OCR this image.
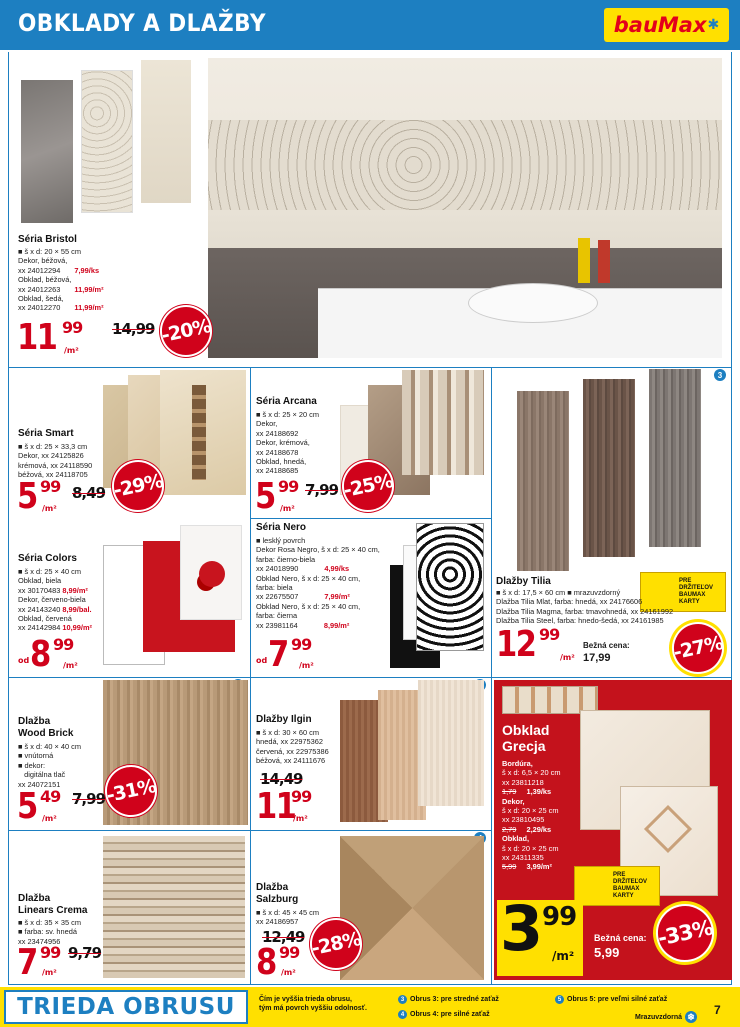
OBKLADY A DLAŽBY	bauMax ✱
Séria Bristol
■ š x d: 20 × 55 cm
Dekor, béžová,
xx 24012294 7,99/ks
Obklad, béžová,
xx 24012263 11,99/m²
Obklad, šedá,
xx 24012270 11,99/m²
11 99
/m²
14,99 -20%
Séria Smart
■ š x d: 25 × 33,3 cm
Dekor, xx 24125826
krémová, xx 24118590
béžová, xx 24118705
5 99
/m²
8,49 -29%
Séria Arcana
■ š x d: 25 × 20 cm
Dekor,
xx 24188692
Dekor, krémová,
xx 24188678
Obklad, hnedá,
xx 24188685
5 99
/m²
7,99 -25%
3
PRE DRŽITEĽOV BAUMAX KARTY
Dlažby Tilia
■ š x d: 17,5 × 60 cm ■ mrazuvzdorný
Dlažba Tilia Mlat, farba: hnedá, xx 24176606
Dlažba Tilia Magma, farba: tmavohnedá, xx 24161992
Dlažba Tilia Steel, farba: hnedo-šedá, xx 24161985
12 99
/m²
Bežná cena:
17,99	-27%
Séria Colors
■ š x d: 25 × 40 cm
Obklad, biela
xx 30170483 8,99/m²
Dekor, červeno-biela
xx 24143240 8,99/bal.
Obklad, červená
xx 24142984 10,99/m²
od 8 99
/m²
Séria Nero
■ lesklý povrch
Dekor Rosa Negro, š x d: 25 × 40 cm,
farba: čierno-biela
xx 24018990	4,99/ks
Obklad Nero, š x d: 25 × 40 cm,
farba: biela
xx 22675507	7,99/m²
Obklad Nero, š x d: 25 × 40 cm,
farba: čierna
xx 23981164	8,99/m²
od 7 99
/m²
Dlažba
Wood Brick
■ š x d: 40 × 40 cm
■ vnútorná
■ dekor:
digitálna tlač
xx 24072151
5 49
/m²
7,99 -31%
Dlažby Ilgin
■ š x d: 30 × 60 cm
hnedá, xx 22975362
červená, xx 22975386
béžová, xx 24111676
14,49
11
99
/m²
Obklad
Grecja
Bordúra,
š x d: 6,5 × 20 cm
xx 23811218
1,79 1,39/ks
Dekor,
š x d: 20 × 25 cm
xx 23810495
2,79 2,29/ks
Obklad,
š x d: 20 × 25 cm
xx 24311335
5,99 3,99/m²
PRE DRŽITEĽOV BAUMAX KARTY
3 99
/m²
Bežná cena:
5,99
-33%
Dlažba
Linears Crema
■ š x d: 35 × 35 cm
■ farba: sv. hnedá
xx 23474956
7 99
/m²
9,79
Dlažba
Salzburg
■ š x d: 45 × 45 cm
xx 24186957
12,49
8 99
/m²
-28%
TRIEDA OBRUSU	Čím je vyššia trieda obrusu,
tým má povrch vyššiu odolnosť.
3 Obrus 3: pre stredné zaťaž
4 Obrus 4: pre silné zaťaž
5 Obrus 5: pre veľmi silné zaťaž
Mrazuvzdorná ❄ 7
